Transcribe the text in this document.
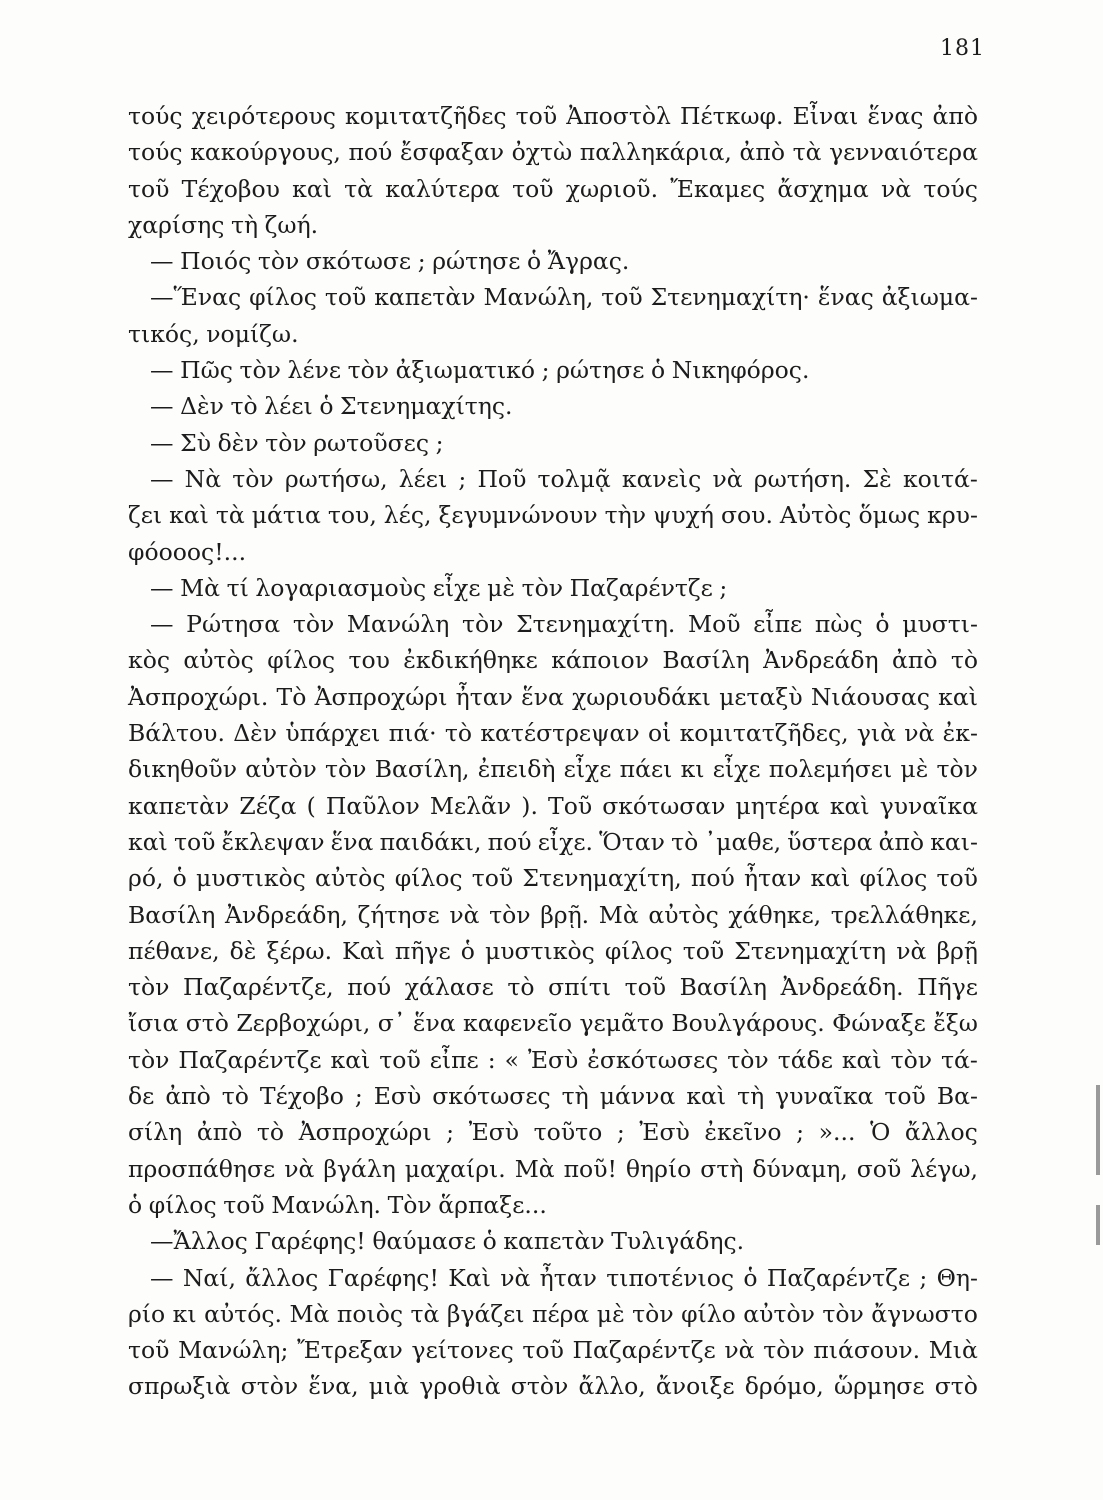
181
τούς χειρότερους κομιτατζῆδες τοῦ Ἀποστὸλ Πέτκωφ. Εἶναι ἕνας ἀπὸ
τούς κακούργους, πού ἔσφαξαν ὀχτὼ παλληκάρια, ἀπὸ τὰ γενναιότερα
τοῦ Τέχοβου καὶ τὰ καλύτερα τοῦ χωριοῦ. Ἔκαμες ἄσχημα νὰ τούς
χαρίσης τὴ ζωή.
— Ποιός τὸν σκότωσε ; ρώτησε ὁ Ἄγρας.
—Ἕνας φίλος τοῦ καπετὰν Μανώλη, τοῦ Στενημαχίτη· ἕνας ἀξιωμα-
τικός, νομίζω.
— Πῶς τὸν λένε τὸν ἀξιωματικό ; ρώτησε ὁ Νικηφόρος.
— Δὲν τὸ λέει ὁ Στενημαχίτης.
— Σὺ δὲν τὸν ρωτοῦσες ;
— Νὰ τὸν ρωτήσω, λέει ; Ποῦ τολμᾷ κανεὶς νὰ ρωτήση. Σὲ κοιτά-
ζει καὶ τὰ μάτια του, λές, ξεγυμνώνουν τὴν ψυχή σου. Αὐτὸς ὅμως κρυ-
φόοοος!...
— Μὰ τί λογαριασμοὺς εἶχε μὲ τὸν Παζαρέντζε ;
— Ρώτησα τὸν Μανώλη τὸν Στενημαχίτη. Μοῦ εἶπε πὼς ὁ μυστι-
κὸς αὐτὸς φίλος του ἐκδικήθηκε κάποιον Βασίλη Ἀνδρεάδη ἀπὸ τὸ
Ἀσπροχώρι. Τὸ Ἀσπροχώρι ἦταν ἕνα χωριουδάκι μεταξὺ Νιάουσας καὶ
Βάλτου. Δὲν ὑπάρχει πιά· τὸ κατέστρεψαν οἱ κομιτατζῆδες, γιὰ νὰ ἐκ-
δικηθοῦν αὐτὸν τὸν Βασίλη, ἐπειδὴ εἶχε πάει κι εἶχε πολεμήσει μὲ τὸν
καπετὰν Ζέζα ( Παῦλον Μελᾶν ). Τοῦ σκότωσαν μητέρα καὶ γυναῖκα
καὶ τοῦ ἔκλεψαν ἕνα παιδάκι, πού εἶχε. Ὅταν τὸ ᾿μαθε, ὕστερα ἀπὸ και-
ρό, ὁ μυστικὸς αὐτὸς φίλος τοῦ Στενημαχίτη, πού ἦταν καὶ φίλος τοῦ
Βασίλη Ἀνδρεάδη, ζήτησε νὰ τὸν βρῇ. Μὰ αὐτὸς χάθηκε, τρελλάθηκε,
πέθανε, δὲ ξέρω. Καὶ πῆγε ὁ μυστικὸς φίλος τοῦ Στενημαχίτη νὰ βρῇ
τὸν Παζαρέντζε, πού χάλασε τὸ σπίτι τοῦ Βασίλη Ἀνδρεάδη. Πῆγε
ἴσια στὸ Ζερβοχώρι, σ᾿ ἕνα καφενεῖο γεμᾶτο Βουλγάρους. Φώναξε ἔξω
τὸν Παζαρέντζε καὶ τοῦ εἶπε : « Ἐσὺ ἐσκότωσες τὸν τάδε καὶ τὸν τά-
δε ἀπὸ τὸ Τέχοβο ; Εσὺ σκότωσες τὴ μάννα καὶ τὴ γυναῖκα τοῦ Βα-
σίλη ἀπὸ τὸ Ἀσπροχώρι ; Ἐσὺ τοῦτο ; Ἐσὺ ἐκεῖνο ; »... Ὁ ἄλλος
προσπάθησε νὰ βγάλη μαχαίρι. Μὰ ποῦ! θηρίο στὴ δύναμη, σοῦ λέγω,
ὁ φίλος τοῦ Μανώλη. Τὸν ἅρπαξε...
—Ἄλλος Γαρέφης! θαύμασε ὁ καπετὰν Τυλιγάδης.
— Ναί, ἄλλος Γαρέφης! Καὶ νὰ ἦταν τιποτένιος ὁ Παζαρέντζε ; Θη-
ρίο κι αὐτός. Μὰ ποιὸς τὰ βγάζει πέρα μὲ τὸν φίλο αὐτὸν τὸν ἄγνωστο
τοῦ Μανώλη; Ἔτρεξαν γείτονες τοῦ Παζαρέντζε νὰ τὸν πιάσουν. Μιὰ
σπρωξιὰ στὸν ἕνα, μιὰ γροθιὰ στὸν ἄλλο, ἄνοιξε δρόμο, ὥρμησε στὸ
